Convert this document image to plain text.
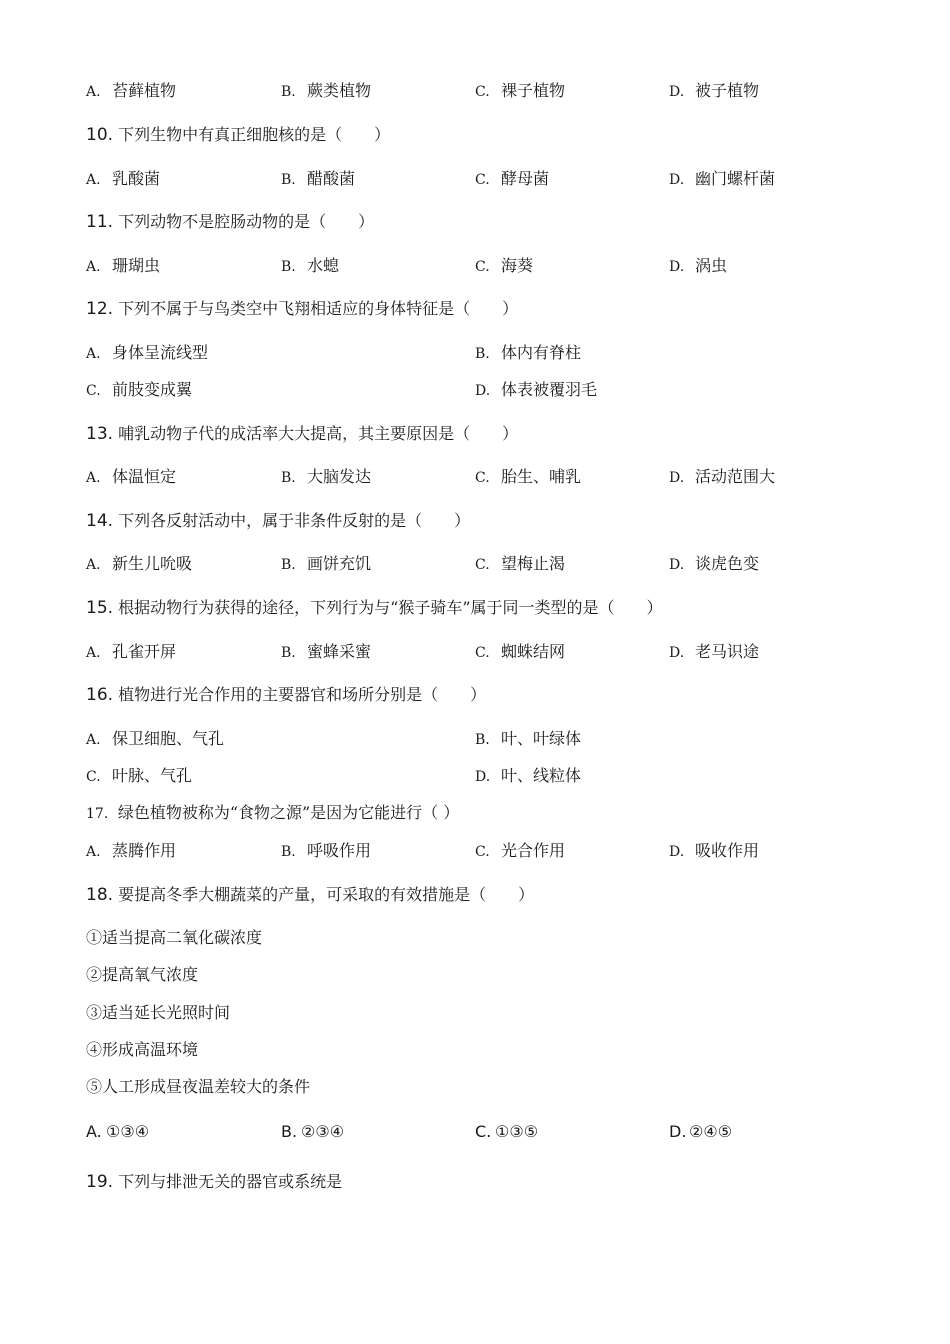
A. 苔藓植物	B. 蕨类植物	C. 裸子植物	D. 被子植物
10. 下列生物中有真正细胞核的是（　　）
A. 乳酸菌	B. 醋酸菌	C. 酵母菌	D. 幽门螺杆菌
11. 下列动物不是腔肠动物的是（　　）
A. 珊瑚虫	B. 水螅	C. 海葵	D. 涡虫
12. 下列不属于与鸟类空中飞翔相适应的身体特征是（　　）
A. 身体呈流线型	B. 体内有脊柱
C. 前肢变成翼	D. 体表被覆羽毛
13. 哺乳动物子代的成活率大大提高，其主要原因是（　　）
A. 体温恒定	B. 大脑发达	C. 胎生、哺乳	D. 活动范围大
14. 下列各反射活动中，属于非条件反射的是（　　）
A. 新生儿吮吸	B. 画饼充饥	C. 望梅止渴	D. 谈虎色变
15. 根据动物行为获得的途径，下列行为与“猴子骑车”属于同一类型的是（　　）
A. 孔雀开屏	B. 蜜蜂采蜜	C. 蜘蛛结网	D. 老马识途
16. 植物进行光合作用的主要器官和场所分别是（　　）
A. 保卫细胞、气孔	B. 叶、叶绿体
C. 叶脉、气孔	D. 叶、线粒体
17. 绿色植物被称为“食物之源”是因为它能进行（ ）
A. 蒸腾作用	B. 呼吸作用	C. 光合作用	D. 吸收作用
18. 要提高冬季大棚蔬菜的产量，可采取的有效措施是（　　）
①适当提高二氧化碳浓度
②提高氧气浓度
③适当延长光照时间
④形成高温环境
⑤人工形成昼夜温差较大的条件
A. ①③④	B. ②③④	C. ①③⑤	D. ②④⑤
19. 下列与排泄无关的器官或系统是
